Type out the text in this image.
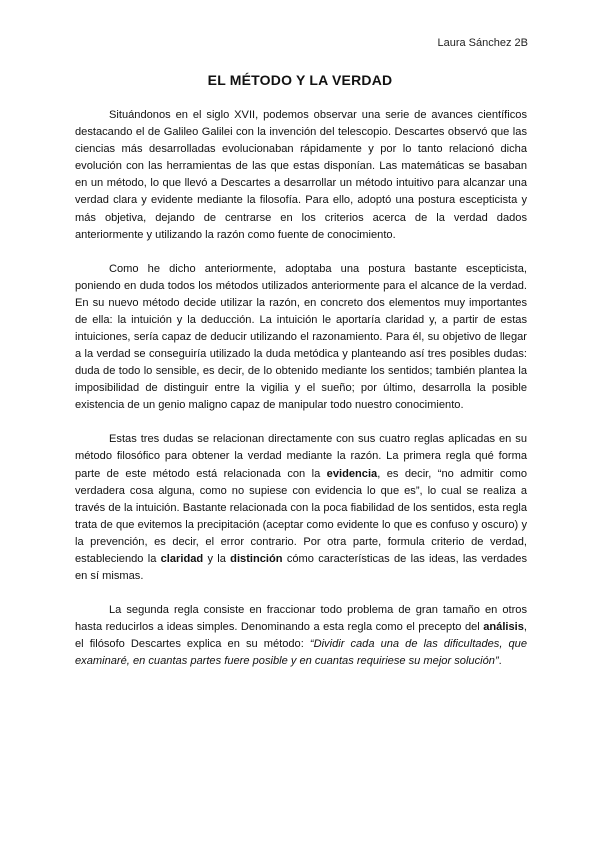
Laura Sánchez 2B
EL MÉTODO Y LA VERDAD

Situándonos en el siglo XVII, podemos observar una serie de avances científicos destacando el de Galileo Galilei con la invención del telescopio. Descartes observó que las ciencias más desarrolladas evolucionaban rápidamente y por lo tanto relacionó dicha evolución con las herramientas de las que estas disponían. Las matemáticas se basaban en un método, lo que llevó a Descartes a desarrollar un método intuitivo para alcanzar una verdad clara y evidente mediante la filosofía. Para ello, adoptó una postura escepticista y más objetiva, dejando de centrarse en los criterios acerca de la verdad dados anteriormente y utilizando la razón como fuente de conocimiento.

Como he dicho anteriormente, adoptaba una postura bastante escepticista, poniendo en duda todos los métodos utilizados anteriormente para el alcance de la verdad. En su nuevo método decide utilizar la razón, en concreto dos elementos muy importantes de ella: la intuición y la deducción. La intuición le aportaría claridad y, a partir de estas intuiciones, sería capaz de deducir utilizando el razonamiento. Para él, su objetivo de llegar a la verdad se conseguiría utilizado la duda metódica y planteando así tres posibles dudas: duda de todo lo sensible, es decir, de lo obtenido mediante los sentidos; también plantea la imposibilidad de distinguir entre la vigilia y el sueño; por último, desarrolla la posible existencia de un genio maligno capaz de manipular todo nuestro conocimiento.

Estas tres dudas se relacionan directamente con sus cuatro reglas aplicadas en su método filosófico para obtener la verdad mediante la razón. La primera regla qué forma parte de este método está relacionada con la evidencia, es decir, “no admitir como verdadera cosa alguna, como no supiese con evidencia lo que es”, lo cual se realiza a través de la intuición. Bastante relacionada con la poca fiabilidad de los sentidos, esta regla trata de que evitemos la precipitación (aceptar como evidente lo que es confuso y oscuro) y la prevención, es decir, el error contrario. Por otra parte, formula criterio de verdad, estableciendo la claridad y la distinción cómo características de las ideas, las verdades en sí mismas.

La segunda regla consiste en fraccionar todo problema de gran tamaño en otros hasta reducirlos a ideas simples. Denominando a esta regla como el precepto del análisis, el filósofo Descartes explica en su método: “Dividir cada una de las dificultades, que examinaré, en cuantas partes fuere posible y en cuantas requiriese su mejor solución”.
